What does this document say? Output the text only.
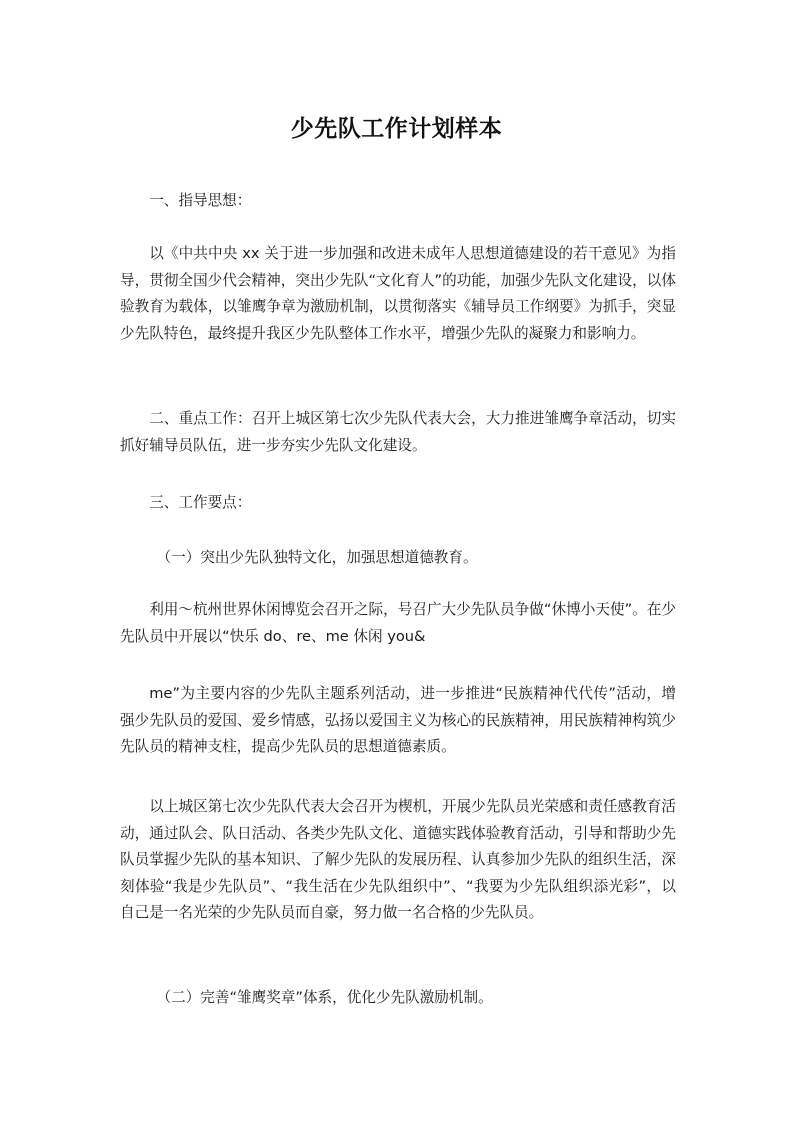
少先队工作计划样本

一、指导思想：

以《中共中央 xx 关于进一步加强和改进未成年人思想道德建设的若干意见》为指导，贯彻全国少代会精神，突出少先队“文化育人”的功能，加强少先队文化建设，以体验教育为载体，以雏鹰争章为激励机制，以贯彻落实《辅导员工作纲要》为抓手，突显少先队特色，最终提升我区少先队整体工作水平，增强少先队的凝聚力和影响力。

二、重点工作：召开上城区第七次少先队代表大会，大力推进雏鹰争章活动，切实抓好辅导员队伍，进一步夯实少先队文化建设。

三、工作要点：

（一）突出少先队独特文化，加强思想道德教育。

利用～杭州世界休闲博览会召开之际，号召广大少先队员争做“休博小天使”。在少先队员中开展以“快乐 do、re、me 休闲 you&

me”为主要内容的少先队主题系列活动，进一步推进“民族精神代代传”活动，增强少先队员的爱国、爱乡情感，弘扬以爱国主义为核心的民族精神，用民族精神构筑少先队员的精神支柱，提高少先队员的思想道德素质。

以上城区第七次少先队代表大会召开为楔机，开展少先队员光荣感和责任感教育活动，通过队会、队日活动、各类少先队文化、道德实践体验教育活动，引导和帮助少先队员掌握少先队的基本知识、了解少先队的发展历程、认真参加少先队的组织生活，深刻体验“我是少先队员”、“我生活在少先队组织中”、“我要为少先队组织添光彩”，以自己是一名光荣的少先队员而自豪，努力做一名合格的少先队员。

（二）完善“雏鹰奖章”体系，优化少先队激励机制。
